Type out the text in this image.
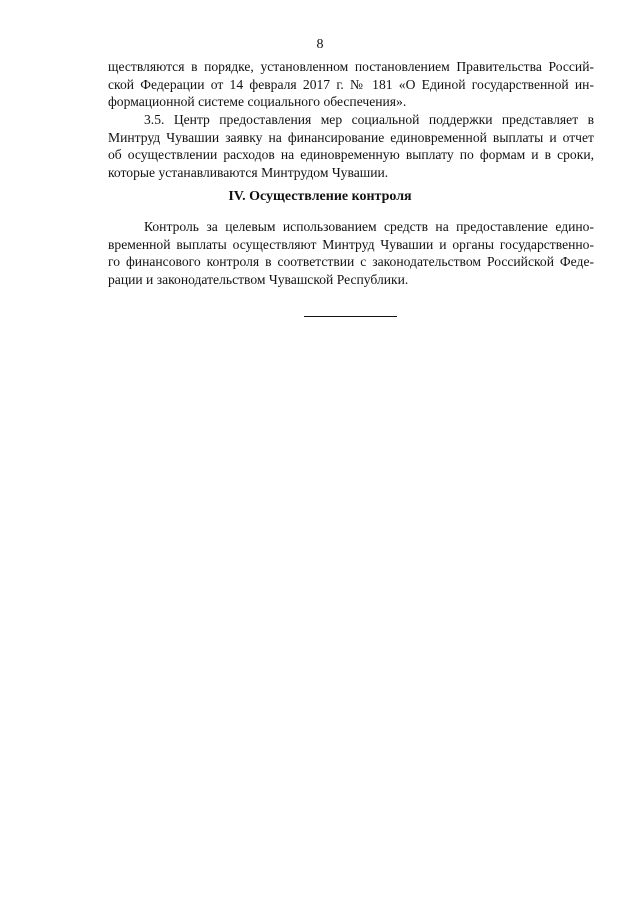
8
ществляются в порядке, установленном постановлением Правительства Россий-
ской Федерации от 14 февраля 2017 г. № 181 «О Единой государственной ин-
формационной системе социального обеспечения».
3.5. Центр предоставления мер социальной поддержки представляет в
Минтруд Чувашии заявку на финансирование единовременной выплаты и отчет
об осуществлении расходов на единовременную выплату по формам и в сроки,
которые устанавливаются Минтрудом Чувашии.
IV. Осуществление контроля
Контроль за целевым использованием средств на предоставление едино-
временной выплаты осуществляют Минтруд Чувашии и органы государственно-
го финансового контроля в соответствии с законодательством Российской Феде-
рации и законодательством Чувашской Республики.
